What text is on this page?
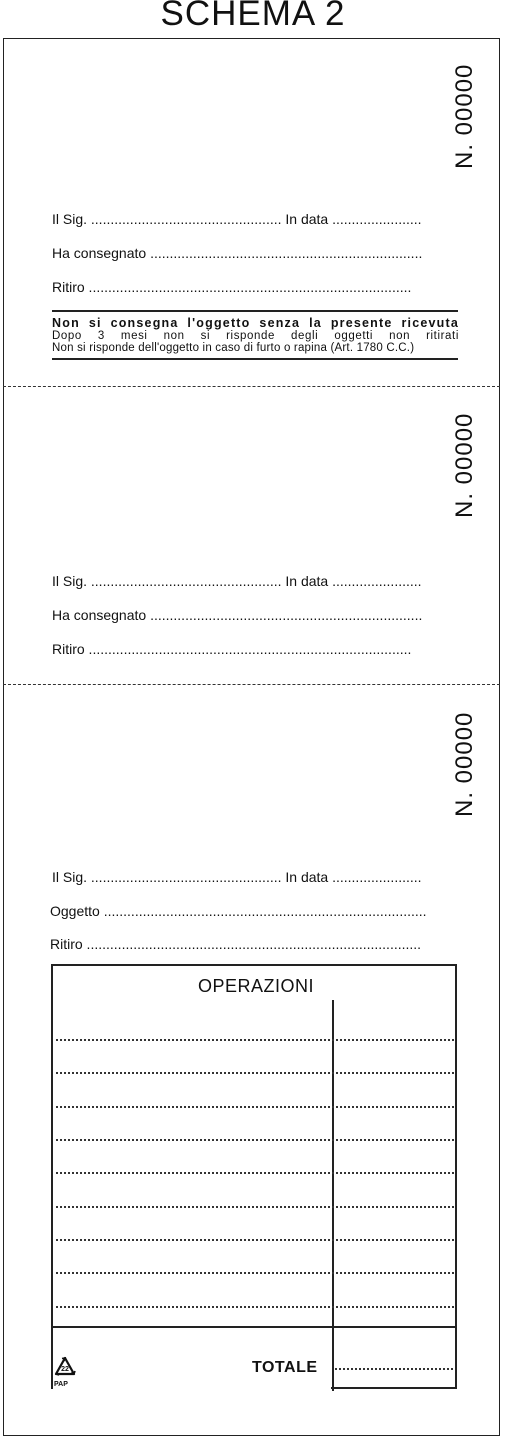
SCHEMA 2
N. 00000
Il Sig. ................................................. In data .......................
Ha consegnato ......................................................................
Ritiro ...................................................................................
Non si consegna l'oggetto senza la presente ricevuta
Dopo 3 mesi non si risponde degli oggetti non ritirati
Non si risponde dell'oggetto in caso di furto o rapina (Art. 1780 C.C.)
N. 00000
Il Sig. ................................................. In data .......................
Ha consegnato ......................................................................
Ritiro ...................................................................................
N. 00000
Il Sig. ................................................. In data .......................
Oggetto ...................................................................................
Ritiro ......................................................................................
OPERAZIONI
TOTALE
22
PAP
